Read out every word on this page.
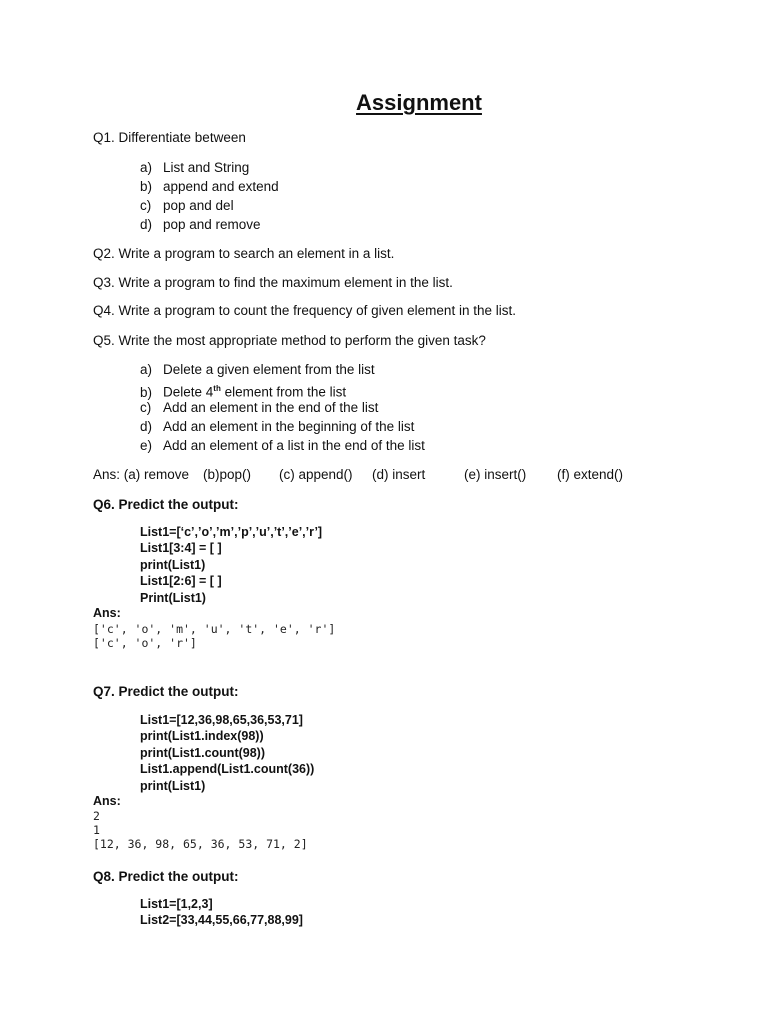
Assignment
Q1. Differentiate between
a) List and String
b) append and extend
c) pop and del
d) pop and remove
Q2. Write a program to search an element in a list.
Q3. Write a program to find the maximum element in the list.
Q4. Write a program to count the frequency of given element in the list.
Q5. Write the most appropriate method to perform the given task?
a) Delete a given element from the list
b) Delete 4th element from the list
c) Add an element in the end of the list
d) Add an element in the beginning of the list
e) Add an element of a list in the end of the list
Ans: (a) remove (b)pop() (c) append() (d) insert	(e) insert() (f) extend()
Q6. Predict the output:
List1=[‘c’,’o’,’m’,’p’,’u’,’t’,’e’,’r’]
List1[3:4] = [ ]
print(List1)
List1[2:6] = [ ]
Print(List1)
Ans:
['c', 'o', 'm', 'u', 't', 'e', 'r']
['c', 'o', 'r']
Q7. Predict the output:
List1=[12,36,98,65,36,53,71]
print(List1.index(98))
print(List1.count(98))
List1.append(List1.count(36))
print(List1)
Ans:
2
1
[12, 36, 98, 65, 36, 53, 71, 2]
Q8. Predict the output:
List1=[1,2,3]
List2=[33,44,55,66,77,88,99]
